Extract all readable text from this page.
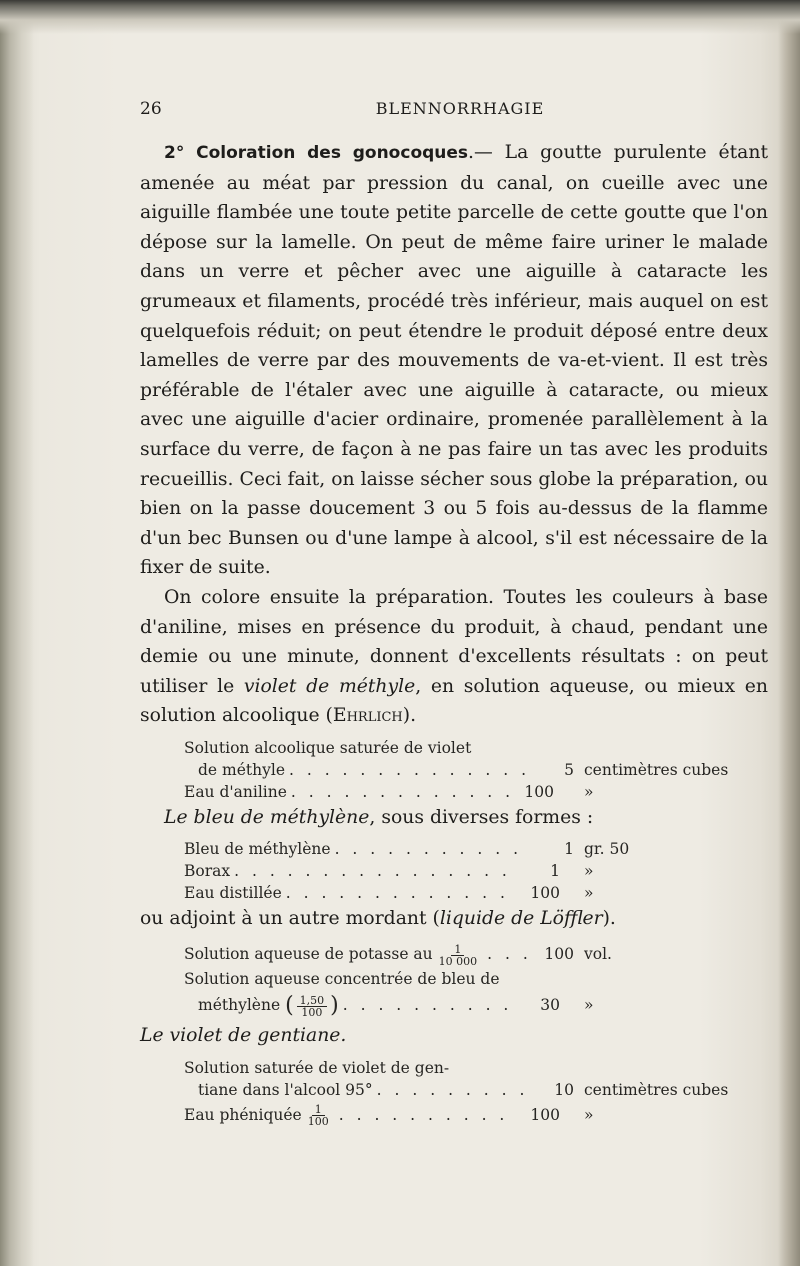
26	BLENNORRHAGIE

2° Coloration des gonocoques.— La goutte purulente étant amenée au méat par pression du canal, on cueille avec une aiguille flambée une toute petite parcelle de cette goutte que l'on dépose sur la lamelle. On peut de même faire uriner le malade dans un verre et pêcher avec une aiguille à cataracte les grumeaux et filaments, procédé très inférieur, mais auquel on est quelquefois réduit; on peut étendre le produit déposé entre deux lamelles de verre par des mouvements de va-et-vient. Il est très préférable de l'étaler avec une aiguille à cataracte, ou mieux avec une aiguille d'acier ordinaire, promenée parallèlement à la surface du verre, de façon à ne pas faire un tas avec les produits recueillis. Ceci fait, on laisse sécher sous globe la préparation, ou bien on la passe doucement 3 ou 5 fois au-dessus de la flamme d'un bec Bunsen ou d'une lampe à alcool, s'il est nécessaire de la fixer de suite.

On colore ensuite la préparation. Toutes les couleurs à base d'aniline, mises en présence du produit, à chaud, pendant une demie ou une minute, donnent d'excellents résultats : on peut utiliser le violet de méthyle, en solution aqueuse, ou mieux en solution alcoolique (Ehrlich).

Solution alcoolique saturée de violet
de méthyle . . .	5 centimètres cubes
Eau d'aniline . . .	100	»

Le bleu de méthylène, sous diverses formes :

Bleu de méthylène . . .	1 gr. 50
Borax . . .	1	»
Eau distillée . . .	100	»

ou adjoint à un autre mordant (liquide de Löffler).

Solution aqueuse de potasse au $\frac{1}{10 000}$ . . .	100 vol.
Solution aqueuse concentrée de bleu de
méthylène ( $\frac{1,50}{100}$ ) . . .	30	»

Le violet de gentiane.

Solution saturée de violet de gen-
tiane dans l'alcool 95° . . .	10 centimètres cubes
Eau phéniquée $\frac{1}{100}$ . . .	100	»
